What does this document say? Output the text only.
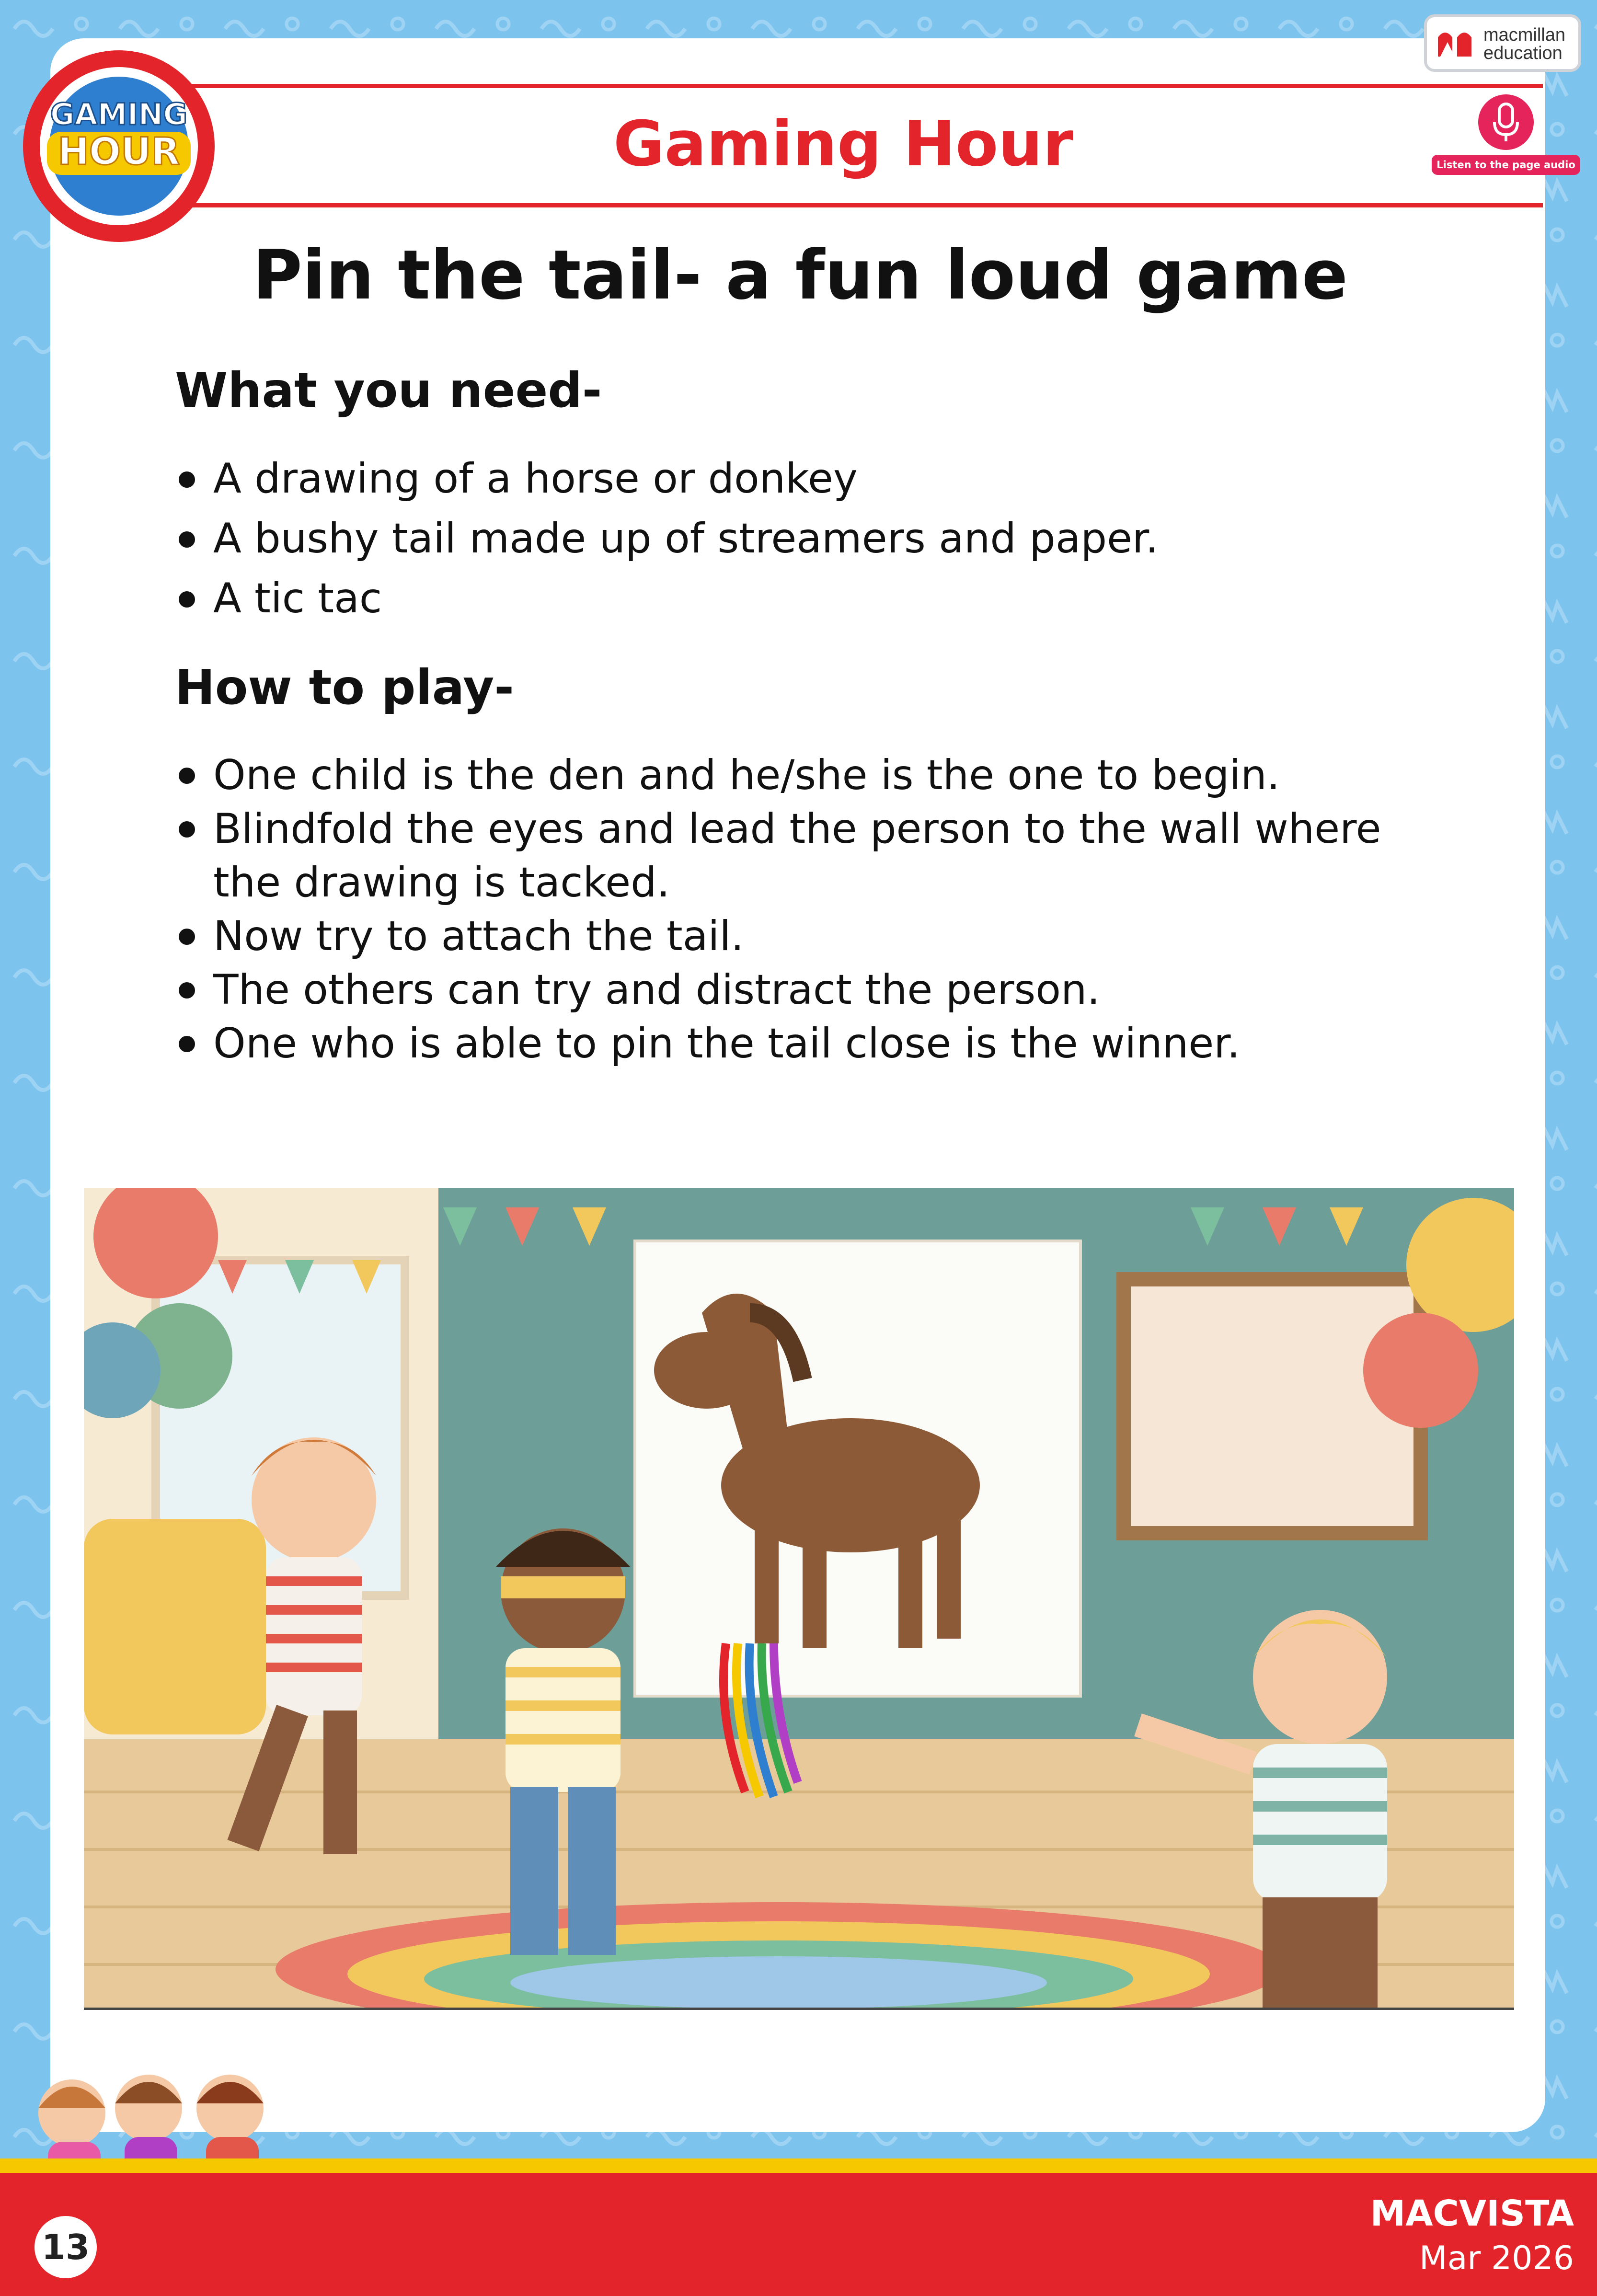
Gaming Hour
GAMING
HOUR
macmillan
education
Listen to the page audio
Pin the tail- a fun loud game
What you need-
A drawing of a horse or donkey
A bushy tail made up of streamers and paper.
A tic tac
How to play-
One child is the den and he/she is the one to begin.
Blindfold the eyes and lead the person to the wall where
the drawing is tacked.
Now try to attach the tail.
The others can try and distract the person.
One who is able to pin the tail close is the winner.
13
MACVISTA
Mar 2026
